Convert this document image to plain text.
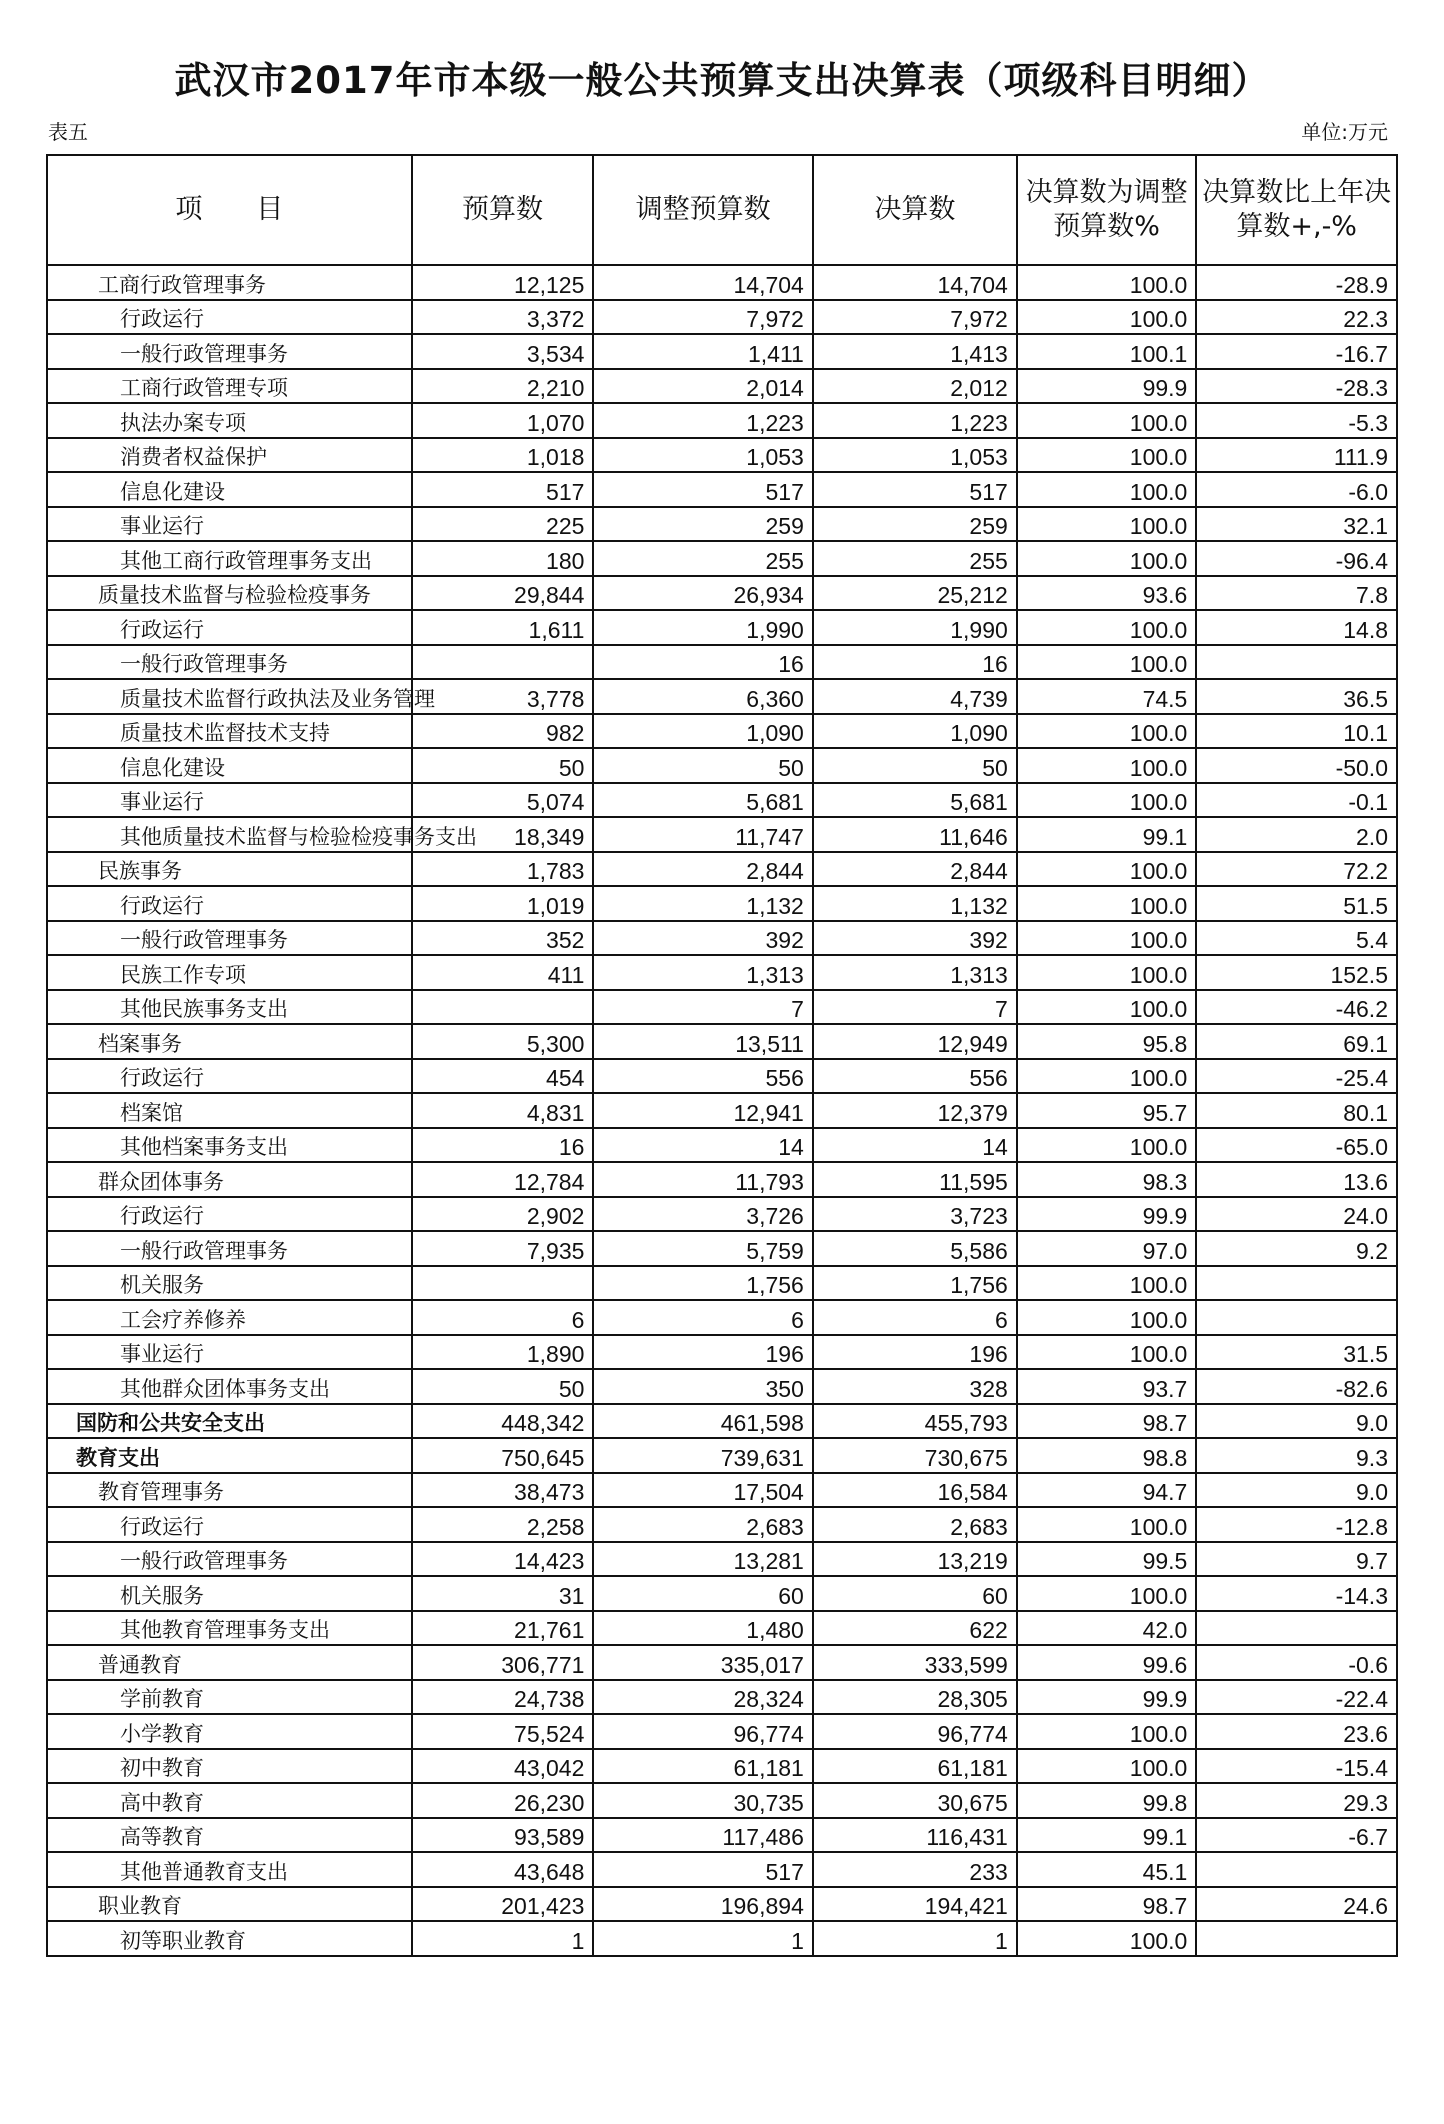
武汉市2017年市本级一般公共预算支出决算表（项级科目明细）
表五	单位:万元
项　　目	预算数	调整预算数	决算数	决算数为调整预算数%	决算数比上年决算数+,-%
工商行政管理事务	12,125	14,704	14,704	100.0	-28.9
行政运行	3,372	7,972	7,972	100.0	22.3
一般行政管理事务	3,534	1,411	1,413	100.1	-16.7
工商行政管理专项	2,210	2,014	2,012	99.9	-28.3
执法办案专项	1,070	1,223	1,223	100.0	-5.3
消费者权益保护	1,018	1,053	1,053	100.0	111.9
信息化建设	517	517	517	100.0	-6.0
事业运行	225	259	259	100.0	32.1
其他工商行政管理事务支出	180	255	255	100.0	-96.4
质量技术监督与检验检疫事务	29,844	26,934	25,212	93.6	7.8
行政运行	1,611	1,990	1,990	100.0	14.8
一般行政管理事务		16	16	100.0	
质量技术监督行政执法及业务管理	3,778	6,360	4,739	74.5	36.5
质量技术监督技术支持	982	1,090	1,090	100.0	10.1
信息化建设	50	50	50	100.0	-50.0
事业运行	5,074	5,681	5,681	100.0	-0.1
其他质量技术监督与检验检疫事务支出	18,349	11,747	11,646	99.1	2.0
民族事务	1,783	2,844	2,844	100.0	72.2
行政运行	1,019	1,132	1,132	100.0	51.5
一般行政管理事务	352	392	392	100.0	5.4
民族工作专项	411	1,313	1,313	100.0	152.5
其他民族事务支出		7	7	100.0	-46.2
档案事务	5,300	13,511	12,949	95.8	69.1
行政运行	454	556	556	100.0	-25.4
档案馆	4,831	12,941	12,379	95.7	80.1
其他档案事务支出	16	14	14	100.0	-65.0
群众团体事务	12,784	11,793	11,595	98.3	13.6
行政运行	2,902	3,726	3,723	99.9	24.0
一般行政管理事务	7,935	5,759	5,586	97.0	9.2
机关服务		1,756	1,756	100.0	
工会疗养修养	6	6	6	100.0	
事业运行	1,890	196	196	100.0	31.5
其他群众团体事务支出	50	350	328	93.7	-82.6
国防和公共安全支出	448,342	461,598	455,793	98.7	9.0
教育支出	750,645	739,631	730,675	98.8	9.3
教育管理事务	38,473	17,504	16,584	94.7	9.0
行政运行	2,258	2,683	2,683	100.0	-12.8
一般行政管理事务	14,423	13,281	13,219	99.5	9.7
机关服务	31	60	60	100.0	-14.3
其他教育管理事务支出	21,761	1,480	622	42.0	
普通教育	306,771	335,017	333,599	99.6	-0.6
学前教育	24,738	28,324	28,305	99.9	-22.4
小学教育	75,524	96,774	96,774	100.0	23.6
初中教育	43,042	61,181	61,181	100.0	-15.4
高中教育	26,230	30,735	30,675	99.8	29.3
高等教育	93,589	117,486	116,431	99.1	-6.7
其他普通教育支出	43,648	517	233	45.1	
职业教育	201,423	196,894	194,421	98.7	24.6
初等职业教育	1	1	1	100.0	
